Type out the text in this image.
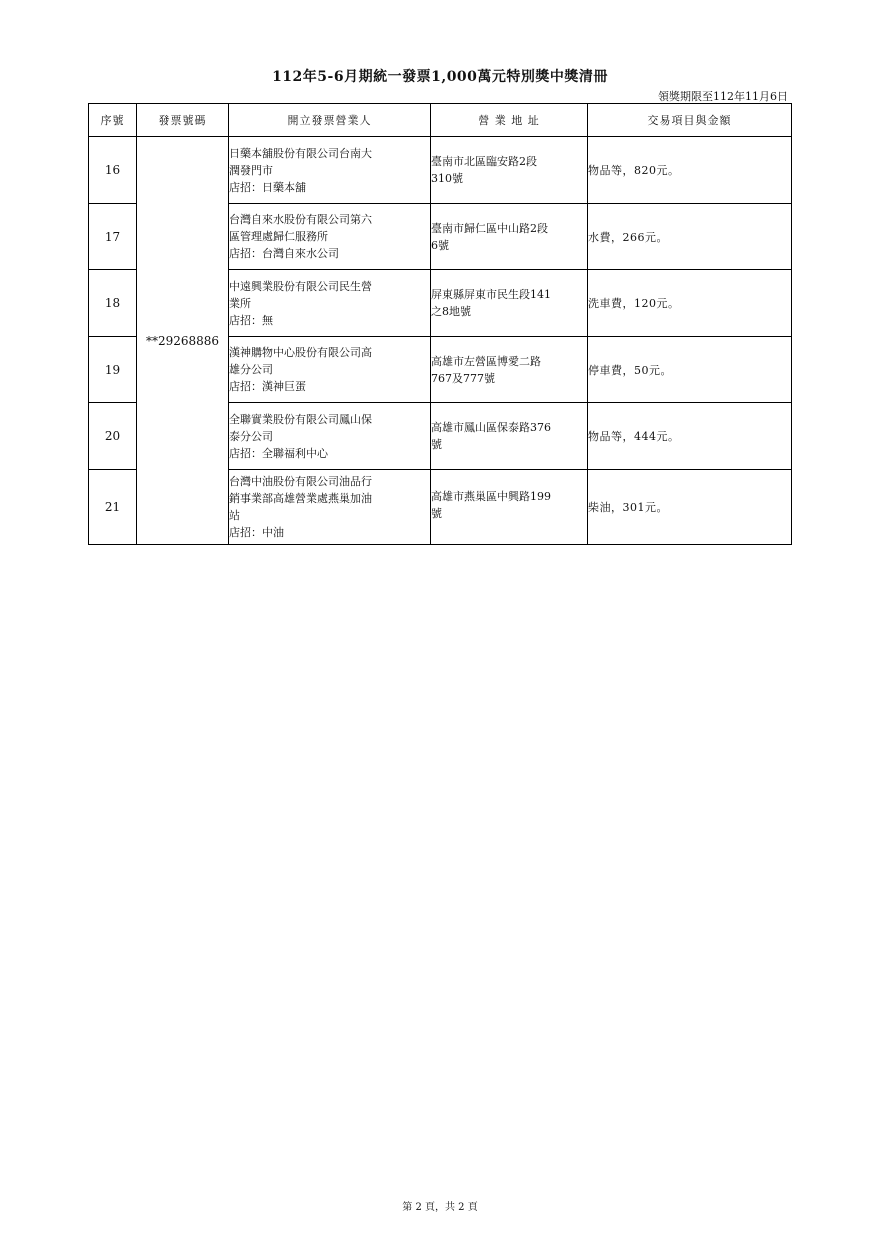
112年5-6月期統一發票1,000萬元特別獎中獎清冊
領獎期限至112年11月6日
序號	發票號碼	開立發票營業人	營 業 地 址	交易項目與金額
16	**29268886	日藥本舖股份有限公司台南大
潤發門市
店招：日藥本舖	臺南市北區臨安路2段
310號	物品等，820元。
17		台灣自來水股份有限公司第六
區管理處歸仁服務所
店招：台灣自來水公司	臺南市歸仁區中山路2段
6號	水費，266元。
18		中遠興業股份有限公司民生營
業所
店招：無	屏東縣屏東市民生段141
之8地號	洗車費，120元。
19		漢神購物中心股份有限公司高
雄分公司
店招：漢神巨蛋	高雄市左營區博愛二路
767及777號	停車費，50元。
20		全聯實業股份有限公司鳳山保
泰分公司
店招：全聯福利中心	高雄市鳳山區保泰路376
號	物品等，444元。
21		台灣中油股份有限公司油品行
銷事業部高雄營業處燕巢加油
站
店招：中油	高雄市燕巢區中興路199
號	柴油，301元。
第 2 頁，共 2 頁
